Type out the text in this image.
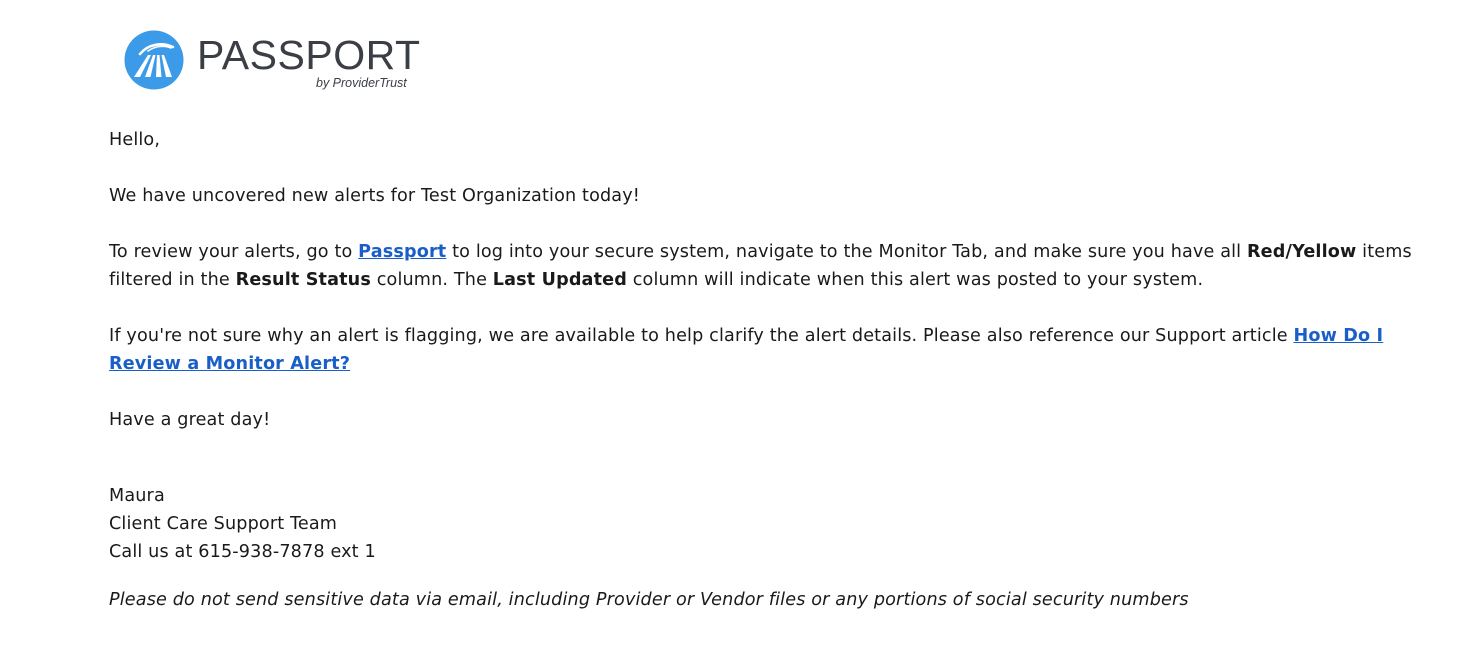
PASSPORT
by ProviderTrust

Hello,

We have uncovered new alerts for Test Organization today!

To review your alerts, go to Passport to log into your secure system, navigate to the Monitor Tab, and make sure you have all Red/Yellow items filtered in the Result Status column. The Last Updated column will indicate when this alert was posted to your system.

If you're not sure why an alert is flagging, we are available to help clarify the alert details. Please also reference our Support article How Do I Review a Monitor Alert?

Have a great day!

Maura
Client Care Support Team
Call us at 615-938-7878 ext 1

Please do not send sensitive data via email, including Provider or Vendor files or any portions of social security numbers
